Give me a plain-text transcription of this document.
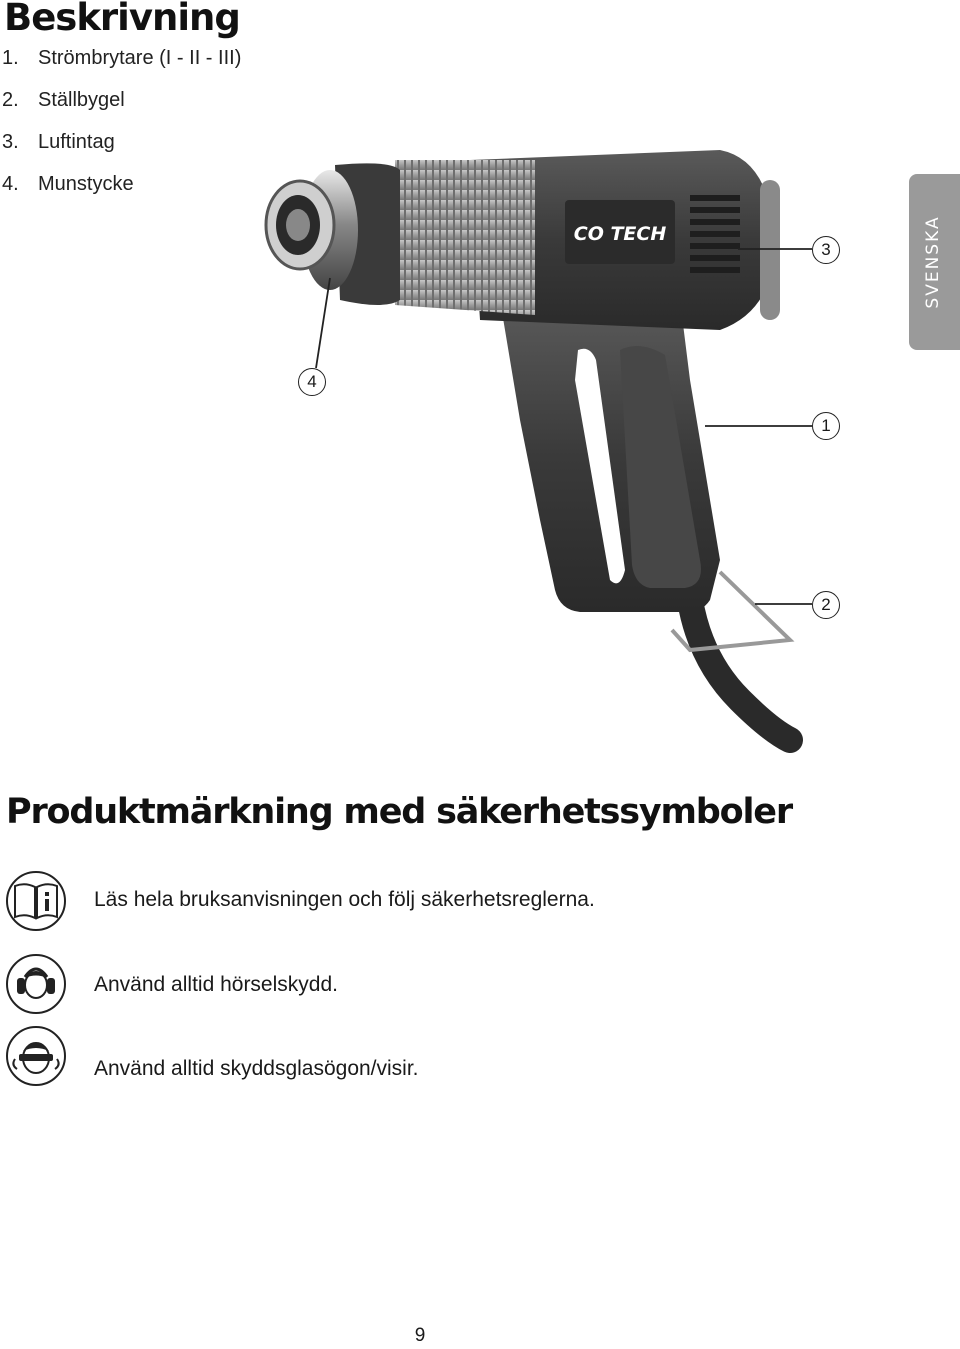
Beskrivning
1. Strömbrytare (I - II - III)
2. Ställbygel
3. Luftintag
4. Munstycke
SVENSKA
CO TECH
3
1
2
4
Produktmärkning med säkerhetssymboler
Läs hela bruksanvisningen och följ säkerhetsreglerna.
Använd alltid hörselskydd.
Använd alltid skyddsglasögon/visir.
9
